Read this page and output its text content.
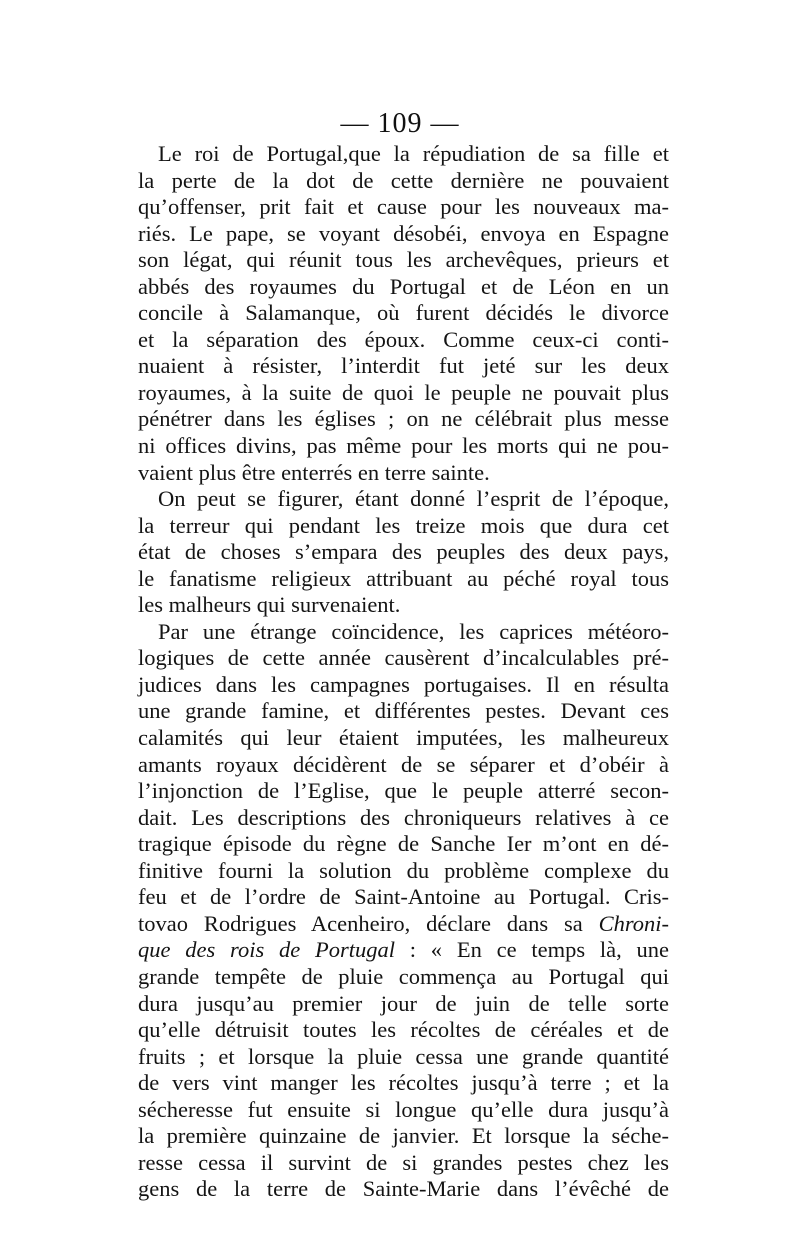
— 109 —
Le roi de Portugal,que la répudiation de sa fille et
la perte de la dot de cette dernière ne pouvaient
qu’offenser, prit fait et cause pour les nouveaux ma-
riés. Le pape, se voyant désobéi, envoya en Espagne
son légat, qui réunit tous les archevêques, prieurs et
abbés des royaumes du Portugal et de Léon en un
concile à Salamanque, où furent décidés le divorce
et la séparation des époux. Comme ceux-ci conti-
nuaient à résister, l’interdit fut jeté sur les deux
royaumes, à la suite de quoi le peuple ne pouvait plus
pénétrer dans les églises ; on ne célébrait plus messe
ni offices divins, pas même pour les morts qui ne pou-
vaient plus être enterrés en terre sainte.
On peut se figurer, étant donné l’esprit de l’époque,
la terreur qui pendant les treize mois que dura cet
état de choses s’empara des peuples des deux pays,
le fanatisme religieux attribuant au péché royal tous
les malheurs qui survenaient.
Par une étrange coïncidence, les caprices météoro-
logiques de cette année causèrent d’incalculables pré-
judices dans les campagnes portugaises. Il en résulta
une grande famine, et différentes pestes. Devant ces
calamités qui leur étaient imputées, les malheureux
amants royaux décidèrent de se séparer et d’obéir à
l’injonction de l’Eglise, que le peuple atterré secon-
dait. Les descriptions des chroniqueurs relatives à ce
tragique épisode du règne de Sanche Ier m’ont en dé-
finitive fourni la solution du problème complexe du
feu et de l’ordre de Saint-Antoine au Portugal. Cris-
tovao Rodrigues Acenheiro, déclare dans sa Chroni-
que des rois de Portugal : « En ce temps là, une
grande tempête de pluie commença au Portugal qui
dura jusqu’au premier jour de juin de telle sorte
qu’elle détruisit toutes les récoltes de céréales et de
fruits ; et lorsque la pluie cessa une grande quantité
de vers vint manger les récoltes jusqu’à terre ; et la
sécheresse fut ensuite si longue qu’elle dura jusqu’à
la première quinzaine de janvier. Et lorsque la séche-
resse cessa il survint de si grandes pestes chez les
gens de la terre de Sainte-Marie dans l’évêché de
